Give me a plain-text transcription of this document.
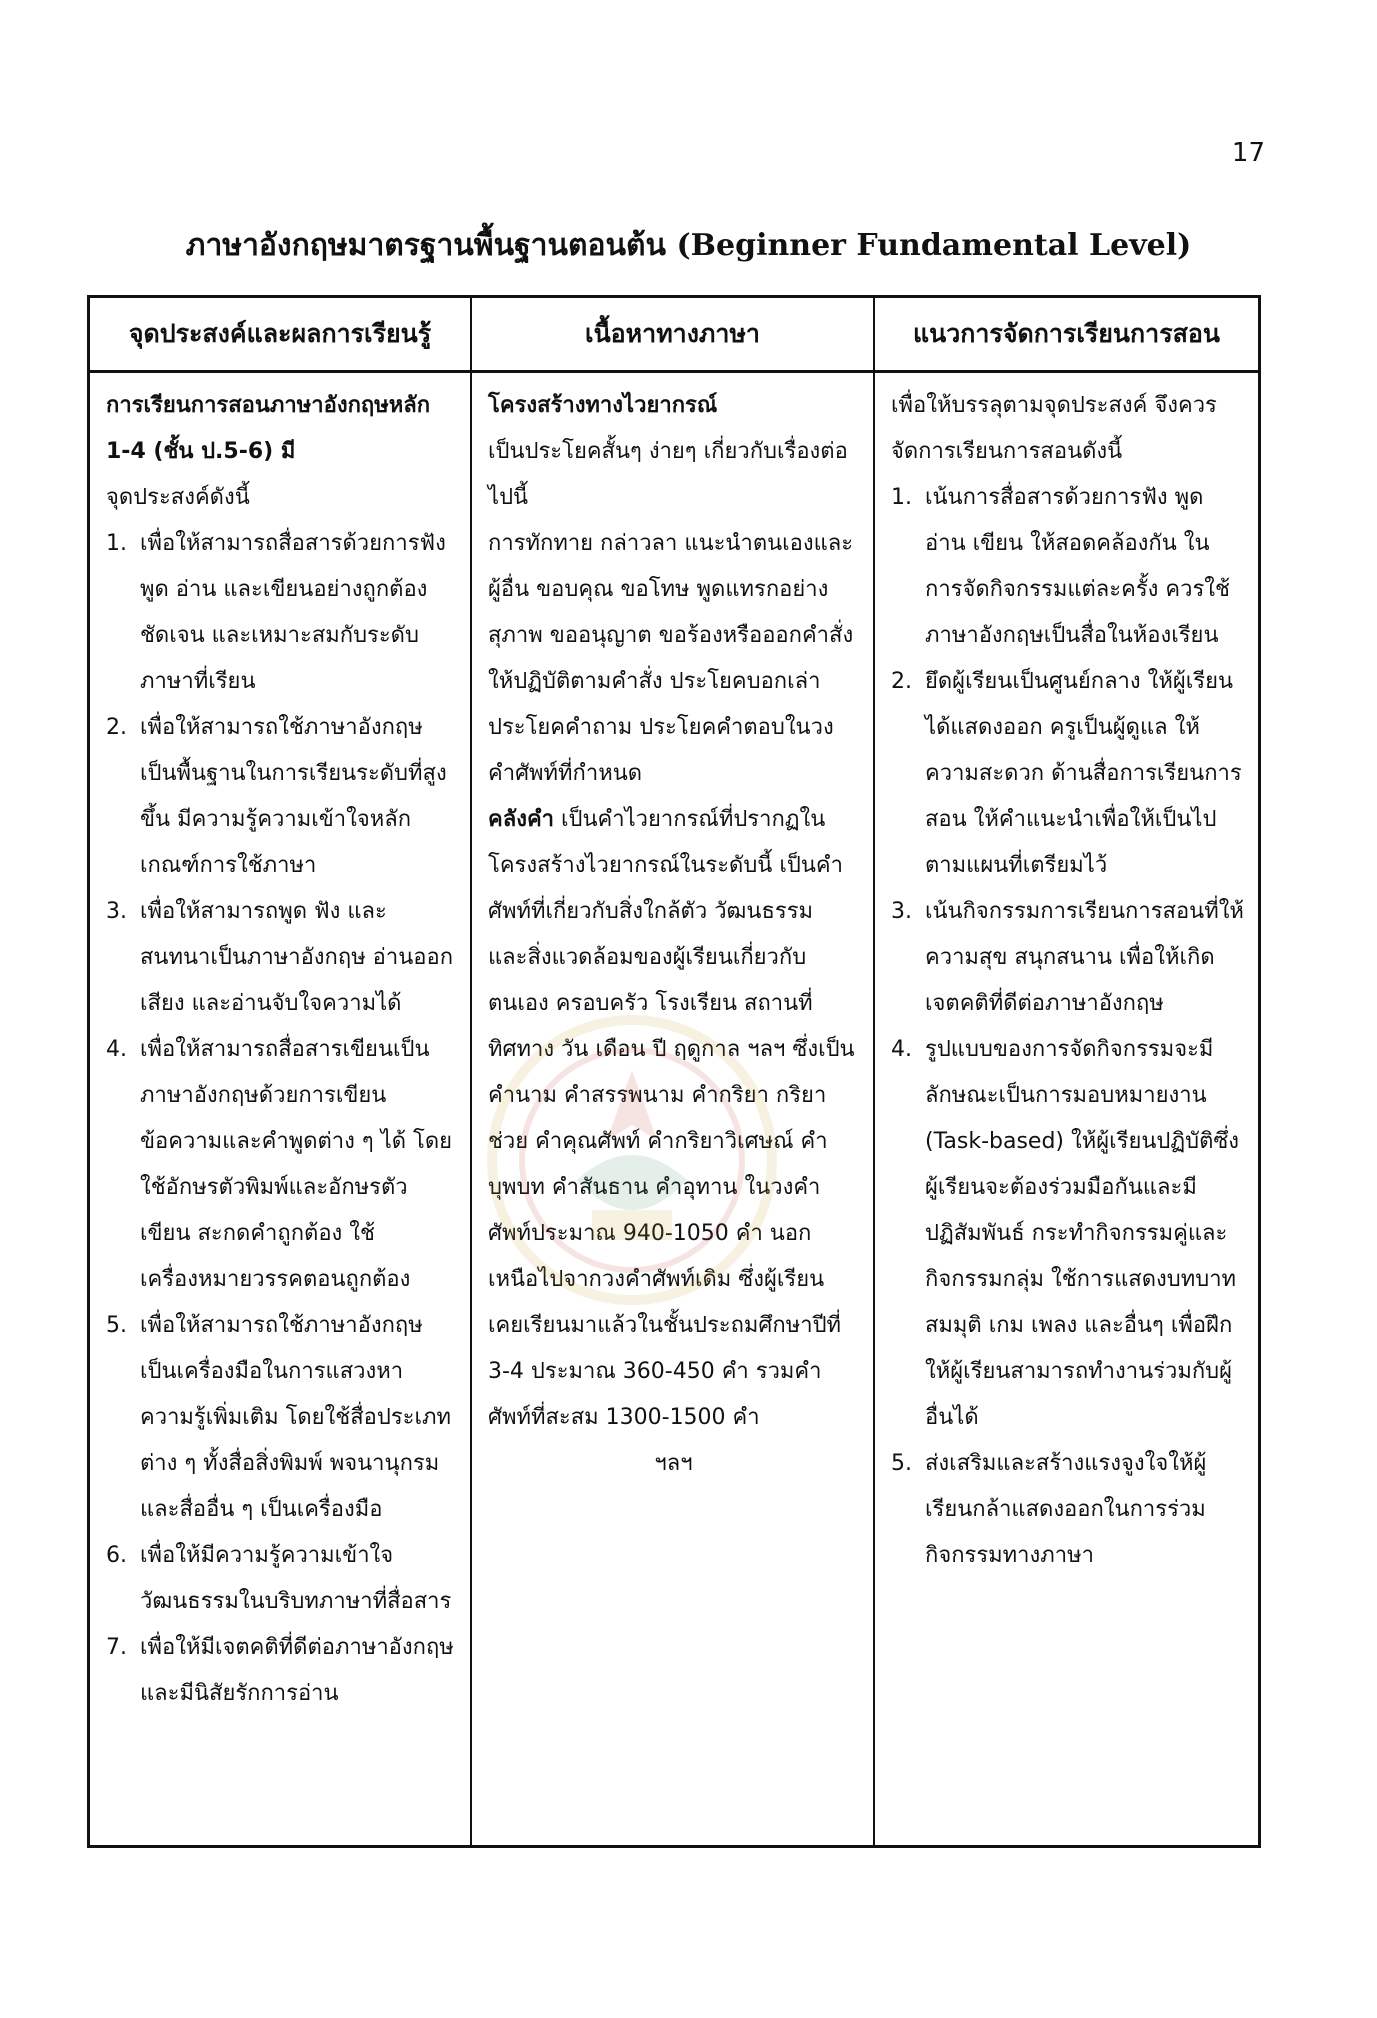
17
ภาษาอังกฤษมาตรฐานพื้นฐานตอนต้น (Beginner Fundamental Level)
จุดประสงค์และผลการเรียนรู้	เนื้อหาทางภาษา	แนวการจัดการเรียนการสอน

การเรียนการสอนภาษาอังกฤษหลัก 1-4 (ชั้น ป.5-6) มี

จุดประสงค์ดังนี้

1. เพื่อให้สามารถสื่อสารด้วยการฟัง พูด อ่าน และเขียนอย่างถูกต้อง ชัดเจน และเหมาะสมกับระดับภาษาที่เรียน
2. เพื่อให้สามารถใช้ภาษาอังกฤษเป็นพื้นฐานในการเรียนระดับที่สูงขึ้น มีความรู้ความเข้าใจหลักเกณฑ์การใช้ภาษา
3. เพื่อให้สามารถพูด ฟัง และสนทนาเป็นภาษาอังกฤษ อ่านออกเสียง และอ่านจับใจความได้
4. เพื่อให้สามารถสื่อสารเขียนเป็นภาษาอังกฤษด้วยการเขียนข้อความและคำพูดต่าง ๆ ได้ โดยใช้อักษรตัวพิมพ์และอักษรตัวเขียน สะกดคำถูกต้อง ใช้เครื่องหมายวรรคตอนถูกต้อง
5. เพื่อให้สามารถใช้ภาษาอังกฤษเป็นเครื่องมือในการแสวงหาความรู้เพิ่มเติม โดยใช้สื่อประเภทต่าง ๆ ทั้งสื่อสิ่งพิมพ์ พจนานุกรม และสื่ออื่น ๆ เป็นเครื่องมือ
6. เพื่อให้มีความรู้ความเข้าใจวัฒนธรรมในบริบทภาษาที่สื่อสาร
7. เพื่อให้มีเจตคติที่ดีต่อภาษาอังกฤษและมีนิสัยรักการอ่าน

โครงสร้างทางไวยากรณ์

เป็นประโยคสั้นๆ ง่ายๆ เกี่ยวกับเรื่องต่อไปนี้

การทักทาย กล่าวลา แนะนำตนเองและผู้อื่น ขอบคุณ ขอโทษ พูดแทรกอย่างสุภาพ ขออนุญาต ขอร้องหรือออกคำสั่งให้ปฏิบัติตามคำสั่ง ประโยคบอกเล่า ประโยคคำถาม ประโยคคำตอบในวงคำศัพท์ที่กำหนด

คลังคำ เป็นคำไวยากรณ์ที่ปรากฏในโครงสร้างไวยากรณ์ในระดับนี้ เป็นคำศัพท์ที่เกี่ยวกับสิ่งใกล้ตัว วัฒนธรรม และสิ่งแวดล้อมของผู้เรียนเกี่ยวกับตนเอง ครอบครัว โรงเรียน สถานที่ ทิศทาง วัน เดือน ปี ฤดูกาล ฯลฯ ซึ่งเป็นคำนาม คำสรรพนาม คำกริยา กริยาช่วย คำคุณศัพท์ คำกริยาวิเศษณ์ คำบุพบท คำสันธาน คำอุทาน ในวงคำศัพท์ประมาณ 940-1050 คำ นอกเหนือไปจากวงคำศัพท์เดิม ซึ่งผู้เรียนเคยเรียนมาแล้วในชั้นประถมศึกษาปีที่ 3-4 ประมาณ 360-450 คำ รวมคำศัพท์ที่สะสม 1300-1500 คำ

ฯลฯ

เพื่อให้บรรลุตามจุดประสงค์ จึงควรจัดการเรียนการสอนดังนี้

1. เน้นการสื่อสารด้วยการฟัง พูด อ่าน เขียน ให้สอดคล้องกัน ในการจัดกิจกรรมแต่ละครั้ง ควรใช้ภาษาอังกฤษเป็นสื่อในห้องเรียน
2. ยึดผู้เรียนเป็นศูนย์กลาง ให้ผู้เรียนได้แสดงออก ครูเป็นผู้ดูแล ให้ความสะดวก ด้านสื่อการเรียนการสอน ให้คำแนะนำเพื่อให้เป็นไปตามแผนที่เตรียมไว้
3. เน้นกิจกรรมการเรียนการสอนที่ให้ความสุข สนุกสนาน เพื่อให้เกิดเจตคติที่ดีต่อภาษาอังกฤษ
4. รูปแบบของการจัดกิจกรรมจะมีลักษณะเป็นการมอบหมายงาน (Task-based) ให้ผู้เรียนปฏิบัติซึ่งผู้เรียนจะต้องร่วมมือกันและมีปฏิสัมพันธ์ กระทำกิจกรรมคู่และกิจกรรมกลุ่ม ใช้การแสดงบทบาทสมมุติ เกม เพลง และอื่นๆ เพื่อฝึกให้ผู้เรียนสามารถทำงานร่วมกับผู้อื่นได้
5. ส่งเสริมและสร้างแรงจูงใจให้ผู้เรียนกล้าแสดงออกในการร่วมกิจกรรมทางภาษา
